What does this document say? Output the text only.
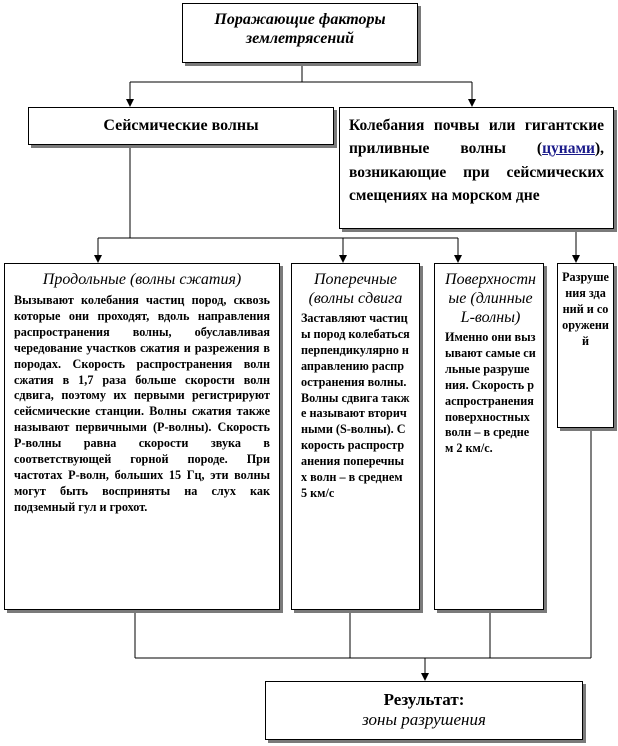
Поражающие факторы
землетрясений
Сейсмические волны	Колебания почвы или гигантские приливные волны (цунами), возникающие при сейсмических смещениях на морском дне
Продольные (волны сжатия)
Вызывают колебания частиц пород, сквозь которые они проходят, вдоль направления распространения волны, обуславливая чередование участков сжатия и разрежения в породах. Скорость распространения волн сжатия в 1,7 раза больше скорости волн сдвига, поэтому их первыми регистрируют сейсмические станции. Волны сжатия также называют первичными (Р-волны). Скорость Р-волны равна скорости звука в соответствующей горной породе. При частотах Р-волн, больших 15 Гц, эти волны могут быть восприняты на слух как подземный гул и грохот.
Поперечные (волны сдвига
Заставляют частицы пород колебаться перпендикулярно направлению распространения волны. Волны сдвига также называют вторичными (S-волны). Скорость распространения поперечных волн – в среднем 5 км/с
Поверхностные (длинные L-волны)
Именно они вызывают самые сильные разрушения. Скорость распространения поверхностных волн – в среднем 2 км/с.
Разрушения зданий и сооружений
Результат:
зоны разрушения
